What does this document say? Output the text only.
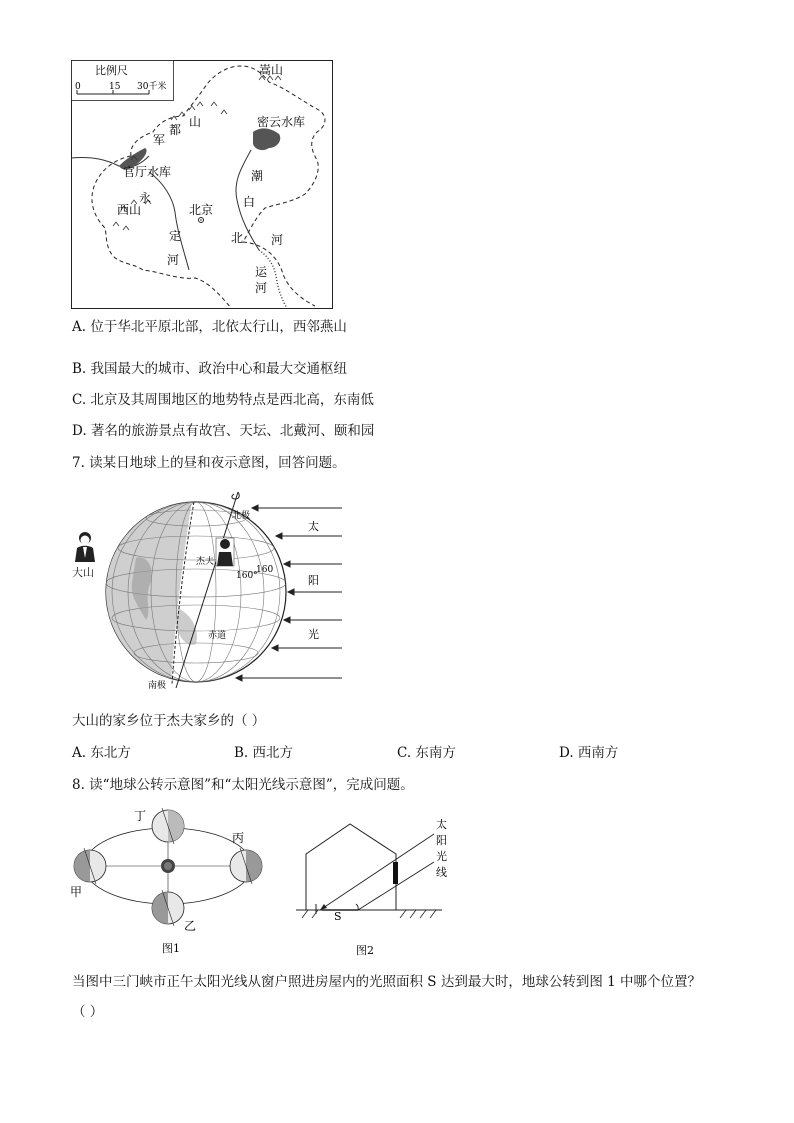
比例尺
0	15 30千米
嵩山
密云水库
官厅水库
军
都
山
潮
白
永
西山	北京
定
河
北 河
运
河
A. 位于华北平原北部，北依太行山，西邻燕山
B. 我国最大的城市、政治中心和最大交通枢纽
C. 北京及其周围地区的地势特点是西北高，东南低
D. 著名的旅游景点有故宫、天坛、北戴河、颐和园
7. 读某日地球上的昼和夜示意图，回答问题。
太
阳
光
北极
南极
赤道
杰夫
160
160°
大山
大山的家乡位于杰夫家乡的（ ）
A. 东北方	B. 西北方	C. 东南方	D. 西南方
8. 读“地球公转示意图”和“太阳光线示意图”，完成问题。
丁
丙
甲
乙
图1
S
太
阳
光
线
图2
当图中三门峡市正午太阳光线从窗户照进房屋内的光照面积 S 达到最大时，地球公转到图 1 中哪个位置？
（ ）
